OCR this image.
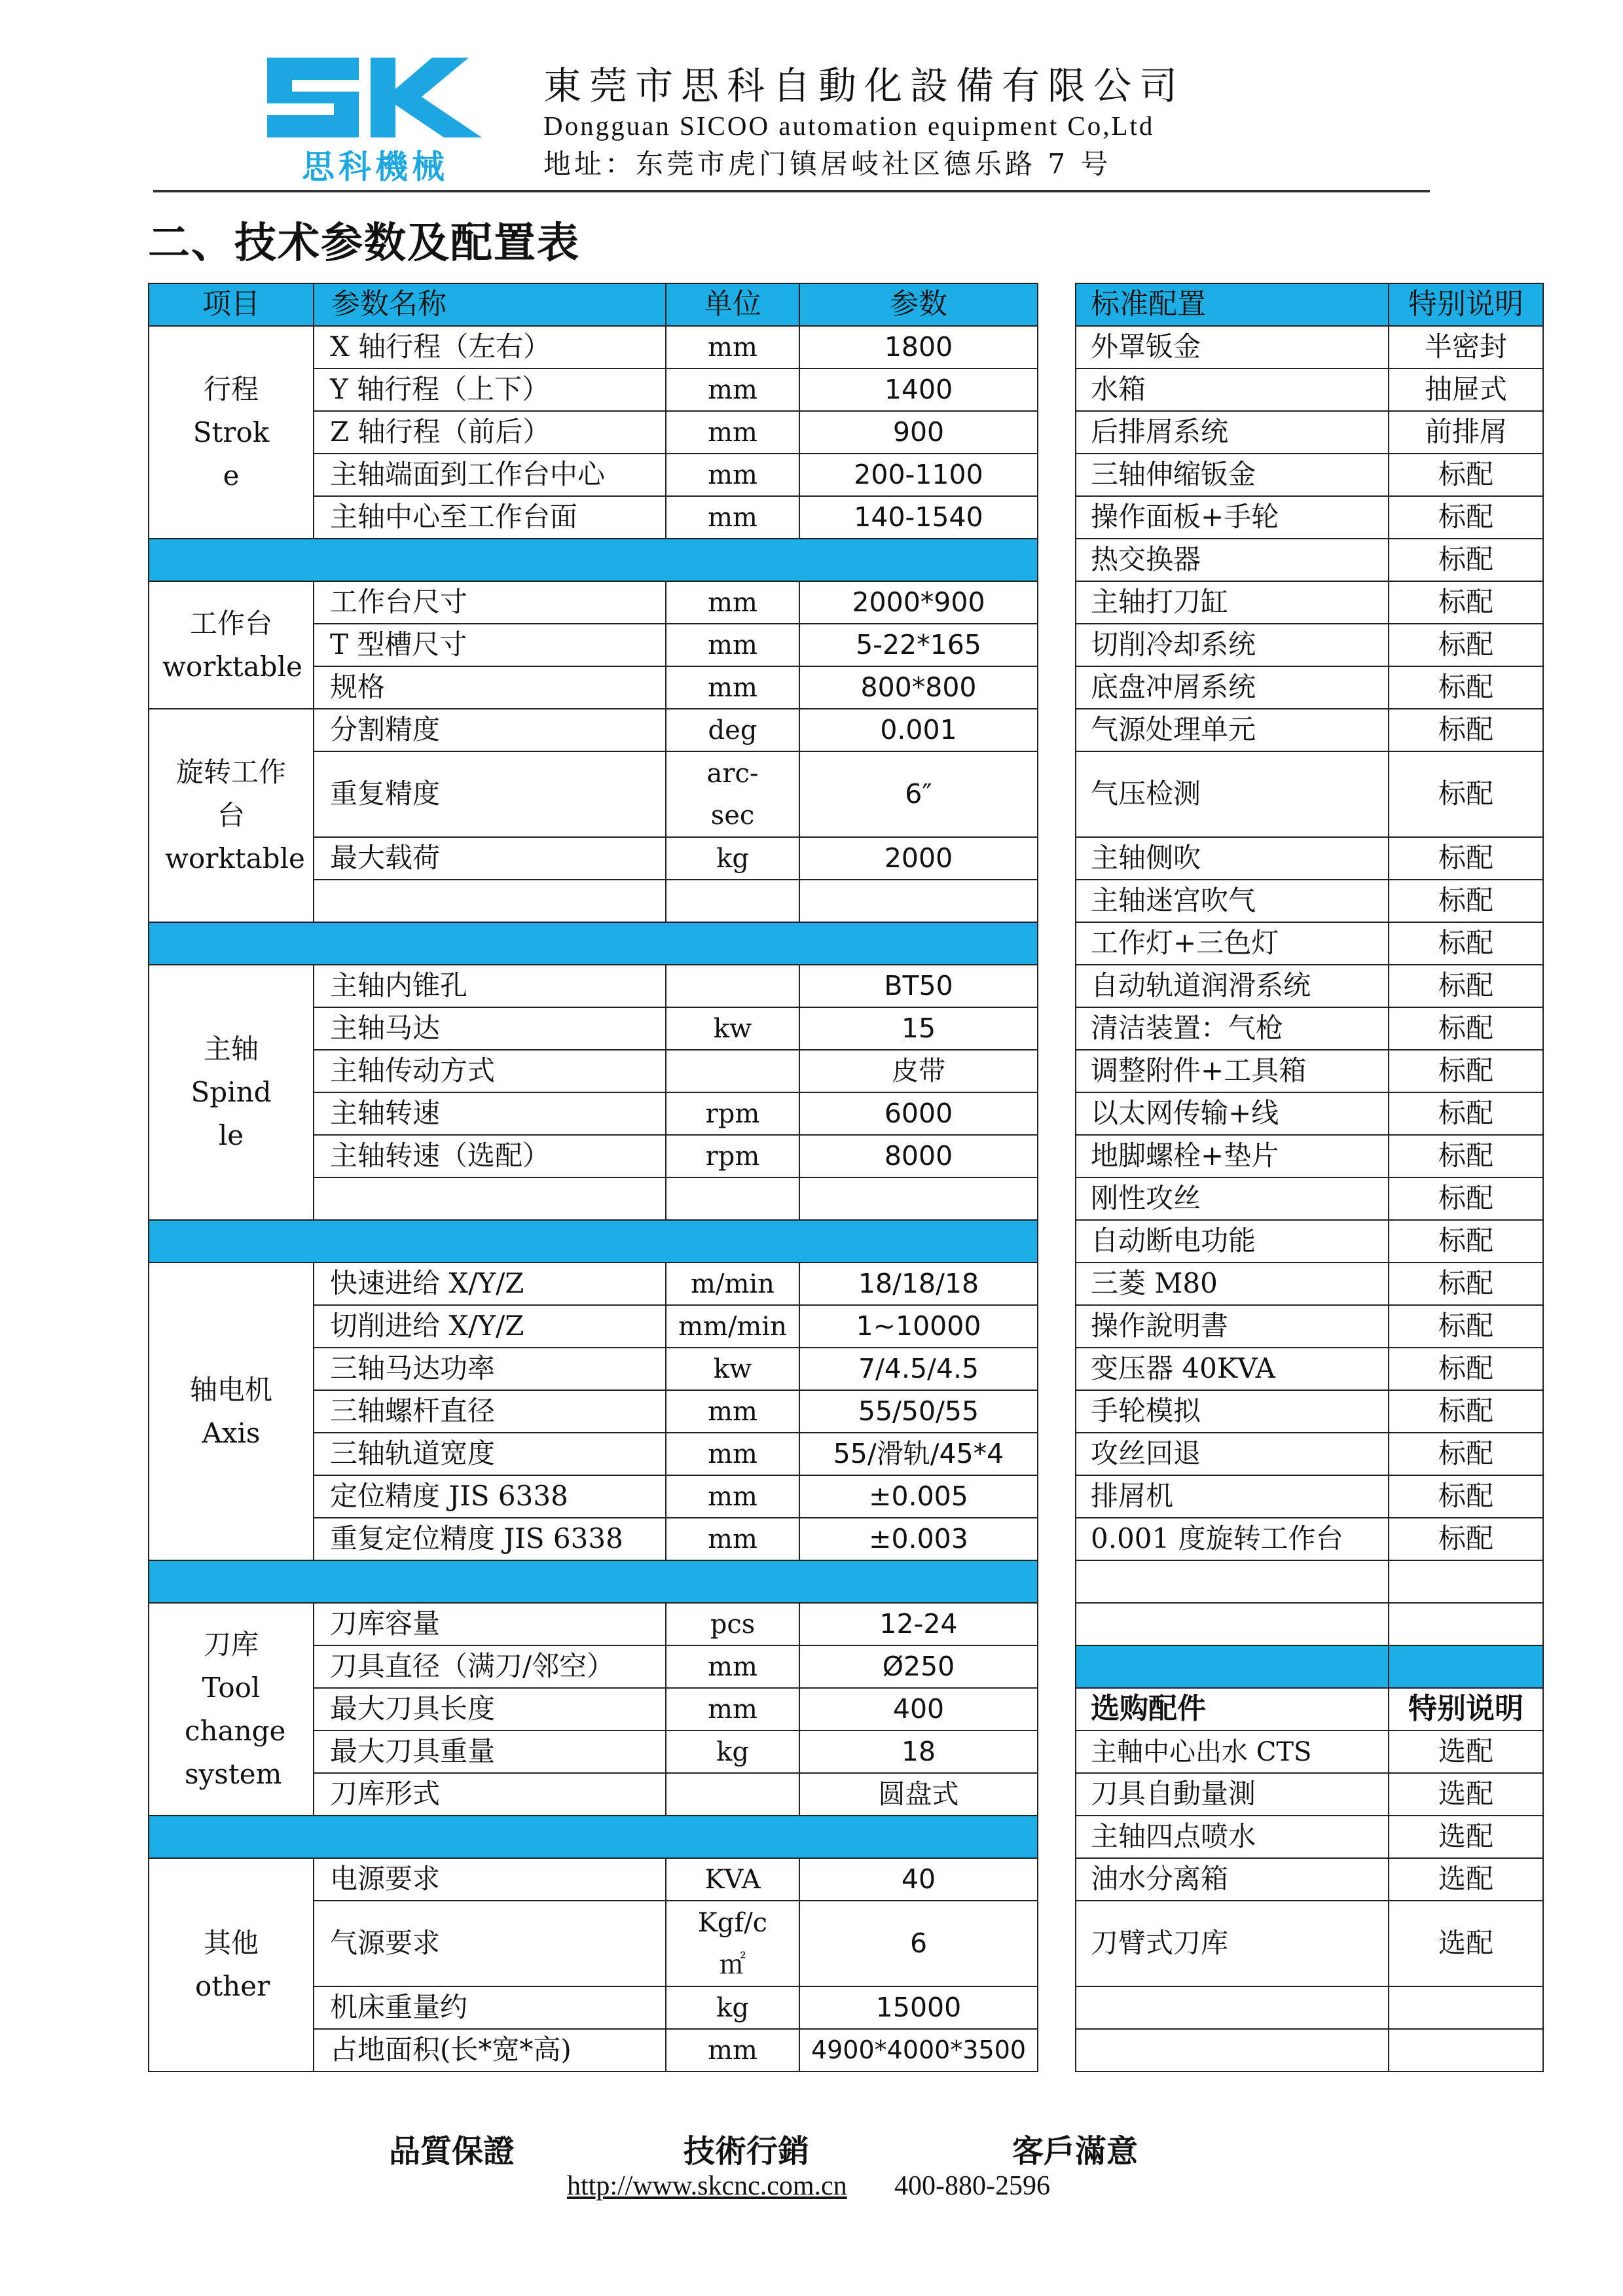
思科機械
東莞市思科自動化設備有限公司
Dongguan SICOO automation equipment Co,Ltd
地址：东莞市虎门镇居岐社区德乐路 7 号
二、技术参数及配置表
项目	参数名称	单位	参数
行程 Strok e	X 轴行程（左右）	mm	1800
	Y 轴行程（上下）	mm	1400
	Z 轴行程（前后）	mm	900
	主轴端面到工作台中心	mm	200-1100
	主轴中心至工作台面	mm	140-1540

工作台 worktable	工作台尺寸	mm	2000*900
	T 型槽尺寸	mm	5-22*165
	规格	mm	800*800
旋转工作台 worktable	分割精度	deg	0.001
	重复精度	arc-sec	6″
	最大载荷	kg	2000

主轴 Spind le	主轴内锥孔		BT50
	主轴马达	kw	15
	主轴传动方式		皮带
	主轴转速	rpm	6000
	主轴转速（选配）	rpm	8000

轴电机 Axis	快速进给 X/Y/Z	m/min	18/18/18
	切削进给 X/Y/Z	mm/min	1~10000
	三轴马达功率	kw	7/4.5/4.5
	三轴螺杆直径	mm	55/50/55
	三轴轨道宽度	mm	55/滑轨/45*4
	定位精度 JIS 6338	mm	±0.005
	重复定位精度 JIS 6338	mm	±0.003

刀库 Tool change system	刀库容量	pcs	12-24
	刀具直径（满刀/邻空）	mm	Ø250
	最大刀具长度	mm	400
	最大刀具重量	kg	18
	刀库形式		圆盘式

其他 other	电源要求	KVA	40
	气源要求	Kgf/c㎡	6
	机床重量约	kg	15000
	占地面积(长*宽*高)	mm	4900*4000*3500
标准配置	特别说明
外罩钣金	半密封
水箱	抽屉式
后排屑系统	前排屑
三轴伸缩钣金	标配
操作面板+手轮	标配
热交换器	标配
主轴打刀缸	标配
切削冷却系统	标配
底盘冲屑系统	标配
气源处理单元	标配
气压检测	标配
主轴侧吹	标配
主轴迷宫吹气	标配
工作灯+三色灯	标配
自动轨道润滑系统	标配
清洁装置：气枪	标配
调整附件+工具箱	标配
以太网传输+线	标配
地脚螺栓+垫片	标配
刚性攻丝	标配
自动断电功能	标配
三菱 M80	标配
操作說明書	标配
变压器 40KVA	标配
手轮模拟	标配
攻丝回退	标配
排屑机	标配
0.001 度旋转工作台	标配

选购配件	特别说明
主軸中心出水 CTS	选配
刀具自動量測	选配
主轴四点喷水	选配
油水分离箱	选配
刀臂式刀库	选配

品質保證	技術行銷	客戶滿意
http://www.skcnc.com.cn 400-880-2596
